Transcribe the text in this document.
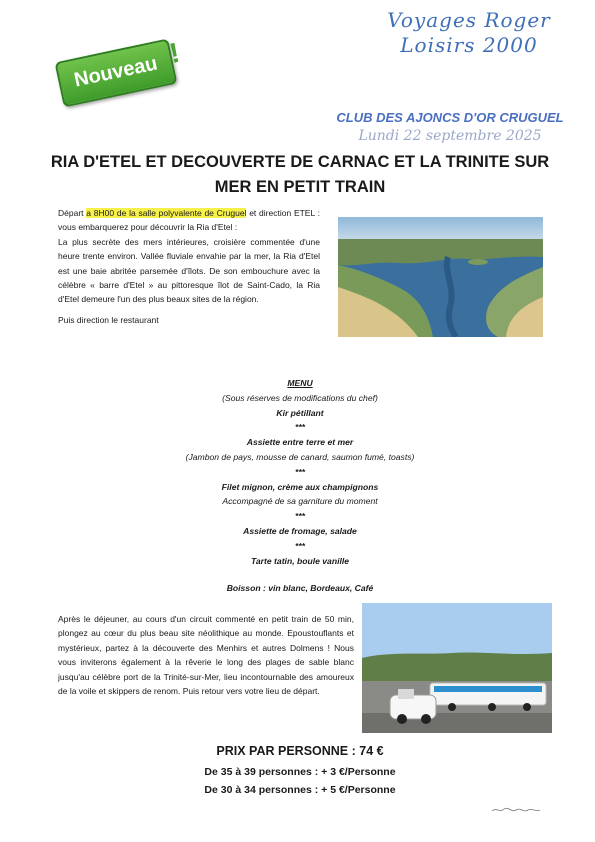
Voyages Roger
Loisirs 2000
Nouveau !
CLUB DES AJONCS D'OR CRUGUEL
Lundi 22 septembre 2025
RIA D'ETEL ET DECOUVERTE DE CARNAC ET LA TRINITE SUR
MER EN PETIT TRAIN
Départ a 8H00 de la salle polyvalente de Cruguel et direction ETEL : vous embarquerez pour découvrir la Ria d'Etel :
La plus secrète des mers intérieures, croisière commentée d'une heure trente environ. Vallée fluviale envahie par la mer, la Ria d'Etel est une baie abritée parsemée d'îlots. De son embouchure avec la célèbre « barre d'Etel » au pittoresque îlot de Saint-Cado, la Ria d'Etel demeure l'un des plus beaux sites de la région.
Puis direction le restaurant
MENU
(Sous réserves de modifications du chef)
Kir pétillant
***
Assiette entre terre et mer
(Jambon de pays, mousse de canard, saumon fumé, toasts)
***
Filet mignon, crème aux champignons
Accompagné de sa garniture du moment
***
Assiette de fromage, salade
***
Tarte tatin, boule vanille
Boisson : vin blanc, Bordeaux, Café
Après le déjeuner, au cours d'un circuit commenté en petit train de 50 min, plongez au cœur du plus beau site néolithique au monde. Epoustouflants et mystérieux, partez à la découverte des Menhirs et autres Dolmens ! Nous vous inviterons également à la rêverie le long des plages de sable blanc jusqu'au célèbre port de la Trinité-sur-Mer, lieu incontournable des amoureux de la voile et skippers de renom. Puis retour vers votre lieu de départ.
PRIX PAR PERSONNE : 74 €
De 35 à 39 personnes : + 3 €/Personne
De 30 à 34 personnes : + 5 €/Personne
